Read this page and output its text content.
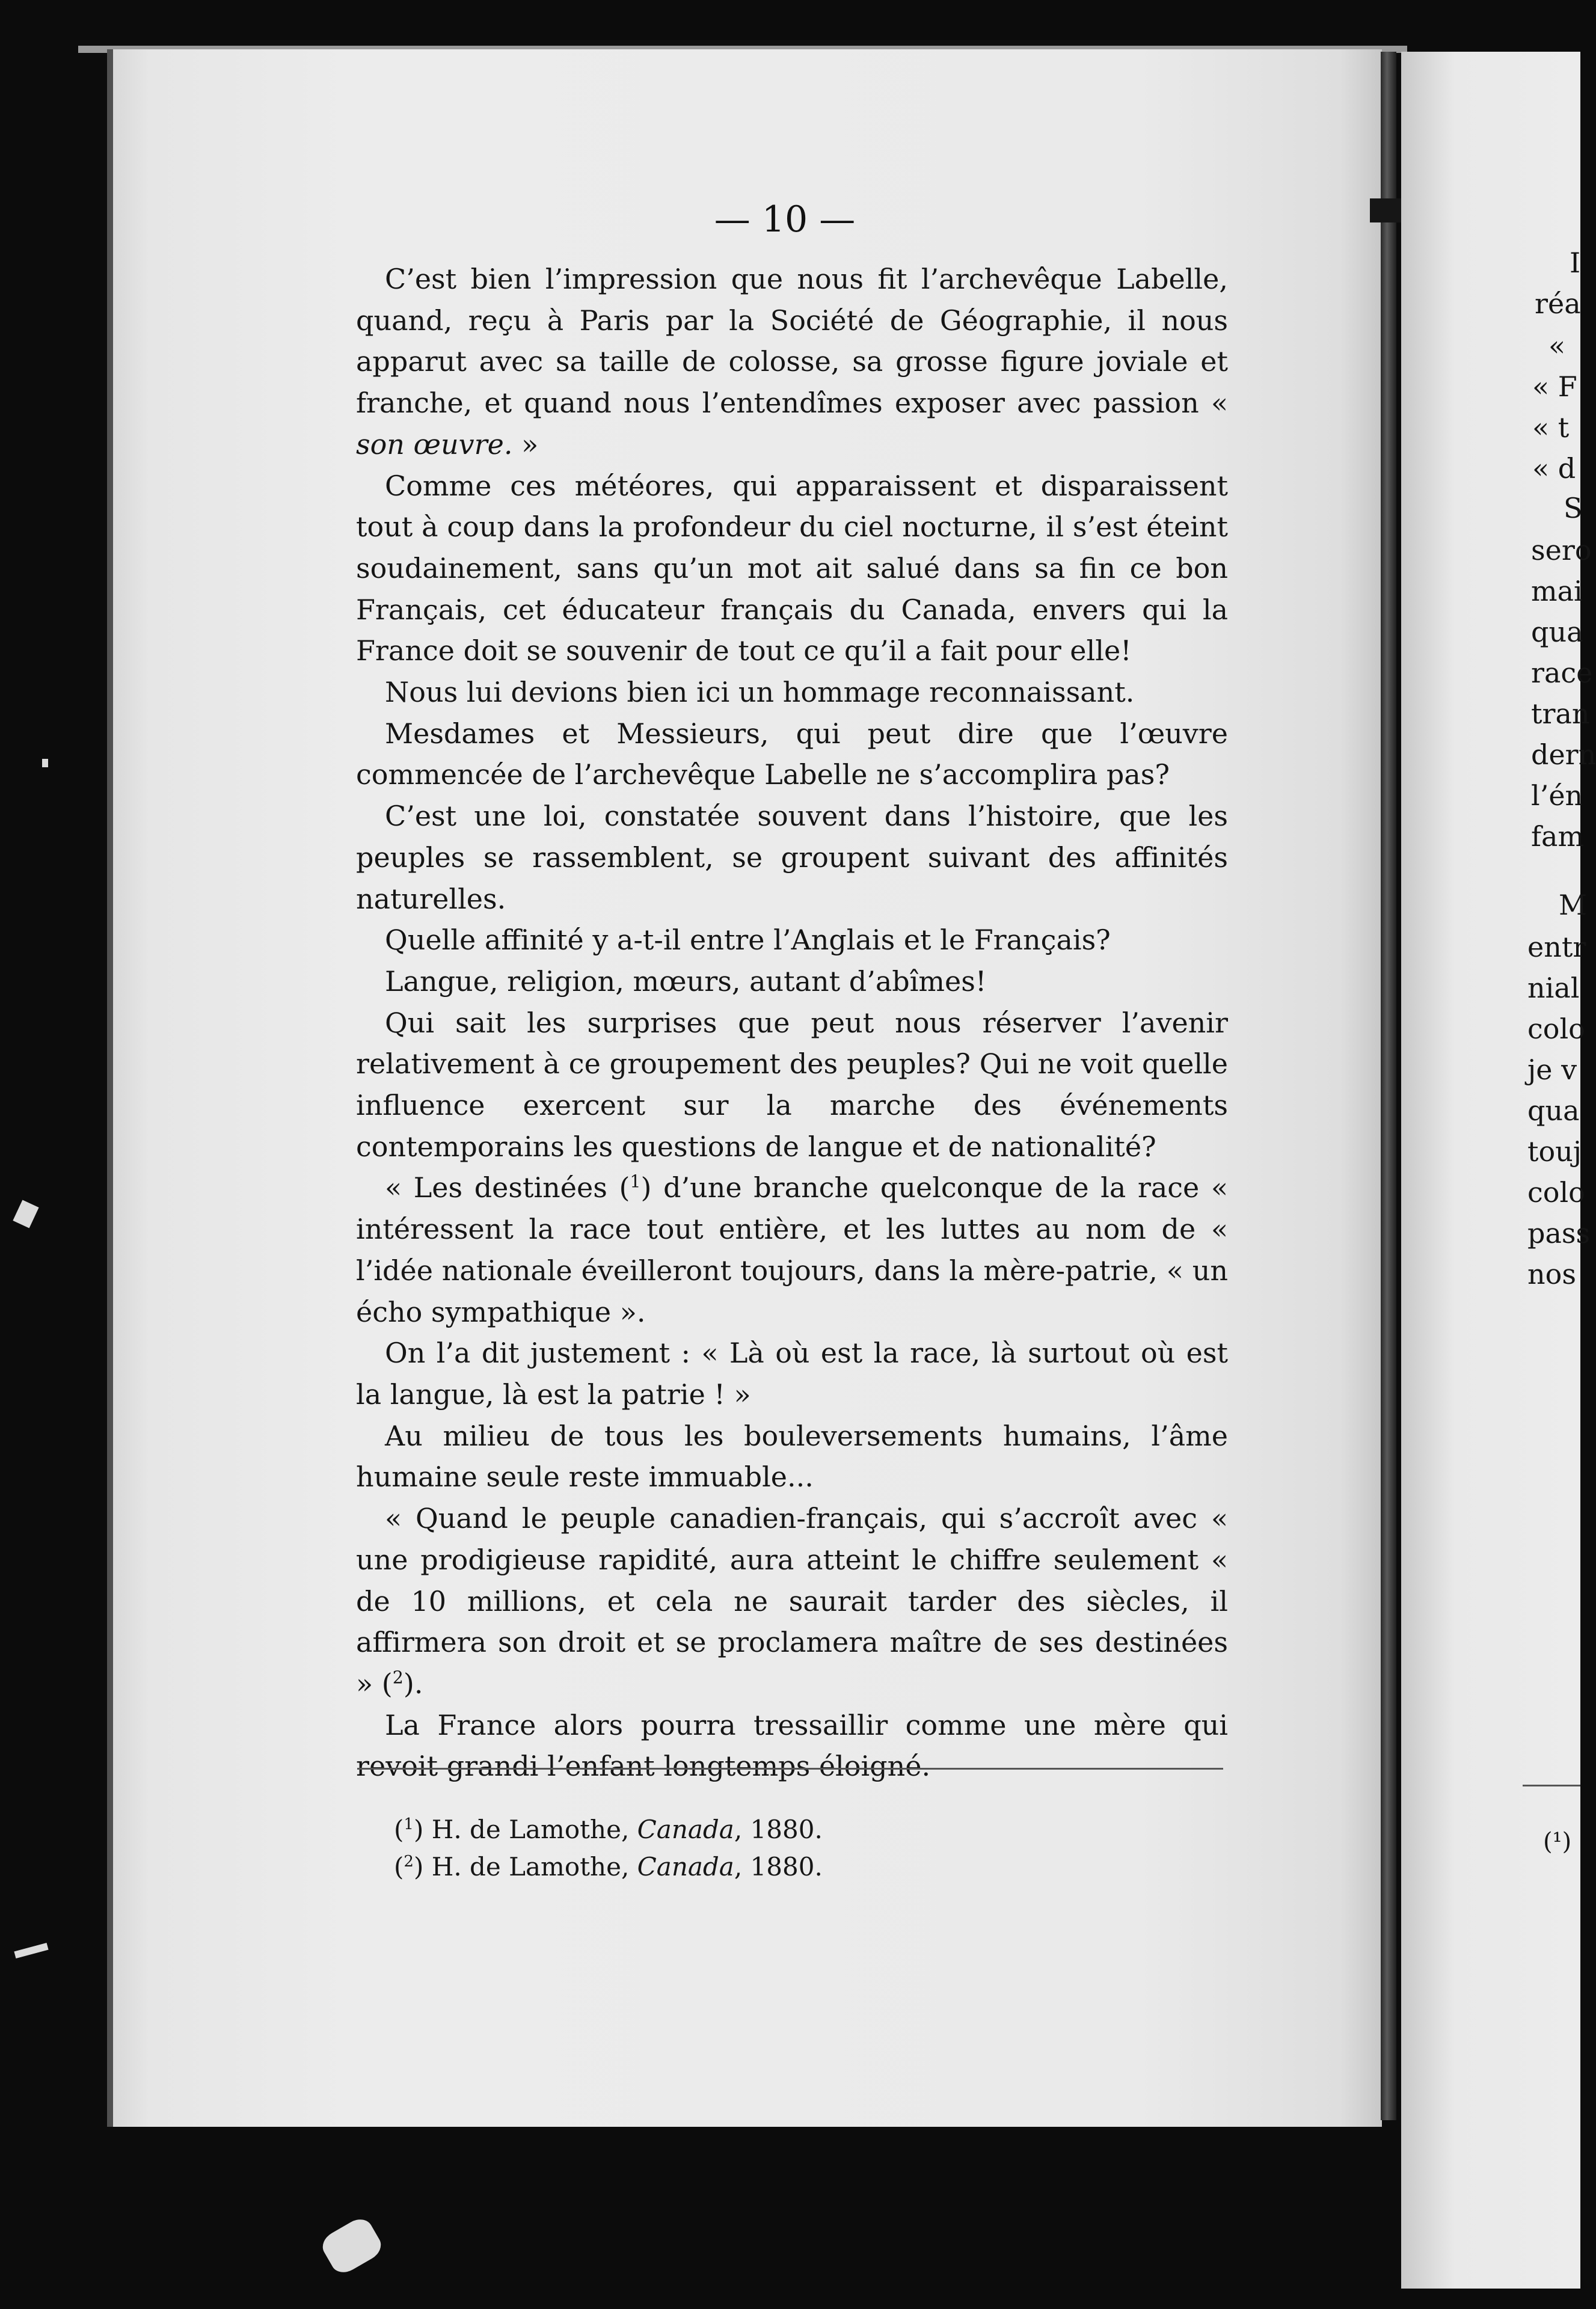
— 10 —

C’est bien l’impression que nous fit l’archevêque Labelle, quand, reçu à Paris par la Société de Géographie, il nous apparut avec sa taille de colosse, sa grosse figure joviale et franche, et quand nous l’entendîmes exposer avec passion « son œuvre. »

Comme ces météores, qui apparaissent et disparaissent tout à coup dans la profondeur du ciel nocturne, il s’est éteint soudainement, sans qu’un mot ait salué dans sa fin ce bon Français, cet éducateur français du Canada, envers qui la France doit se souvenir de tout ce qu’il a fait pour elle!

Nous lui devions bien ici un hommage reconnaissant.

Mesdames et Messieurs, qui peut dire que l’œuvre commencée de l’archevêque Labelle ne s’accomplira pas?

C’est une loi, constatée souvent dans l’histoire, que les peuples se rassemblent, se groupent suivant des affinités naturelles.

Quelle affinité y a-t-il entre l’Anglais et le Français?

Langue, religion, mœurs, autant d’abîmes!

Qui sait les surprises que peut nous réserver l’avenir relativement à ce groupement des peuples? Qui ne voit quelle influence exercent sur la marche des événements contemporains les questions de langue et de nationalité?

« Les destinées ($^1$) d’une branche quelconque de la race « intéressent la race tout entière, et les luttes au nom de « l’idée nationale éveilleront toujours, dans la mère-patrie, « un écho sympathique ».

On l’a dit justement : « Là où est la race, là surtout où est la langue, là est la patrie ! »

Au milieu de tous les bouleversements humains, l’âme humaine seule reste immuable...

« Quand le peuple canadien-français, qui s’accroît avec « une prodigieuse rapidité, aura atteint le chiffre seulement « de 10 millions, et cela ne saurait tarder des siècles, il affirmera son droit et se proclamera maître de ses destinées » ($^2$).

La France alors pourra tressaillir comme une mère qui revoit grandi l’enfant longtemps éloigné.

($^1$) H. de Lamothe, Canada, 1880.

($^2$) H. de Lamothe, Canada, 1880.

I
réa
«
« F
« t
« d
S
sero
mai
qua
race
tran
dern
l’én
fam
M
entr
nial
colo
je v
qua
touj
colo
pass
nos
(¹)
